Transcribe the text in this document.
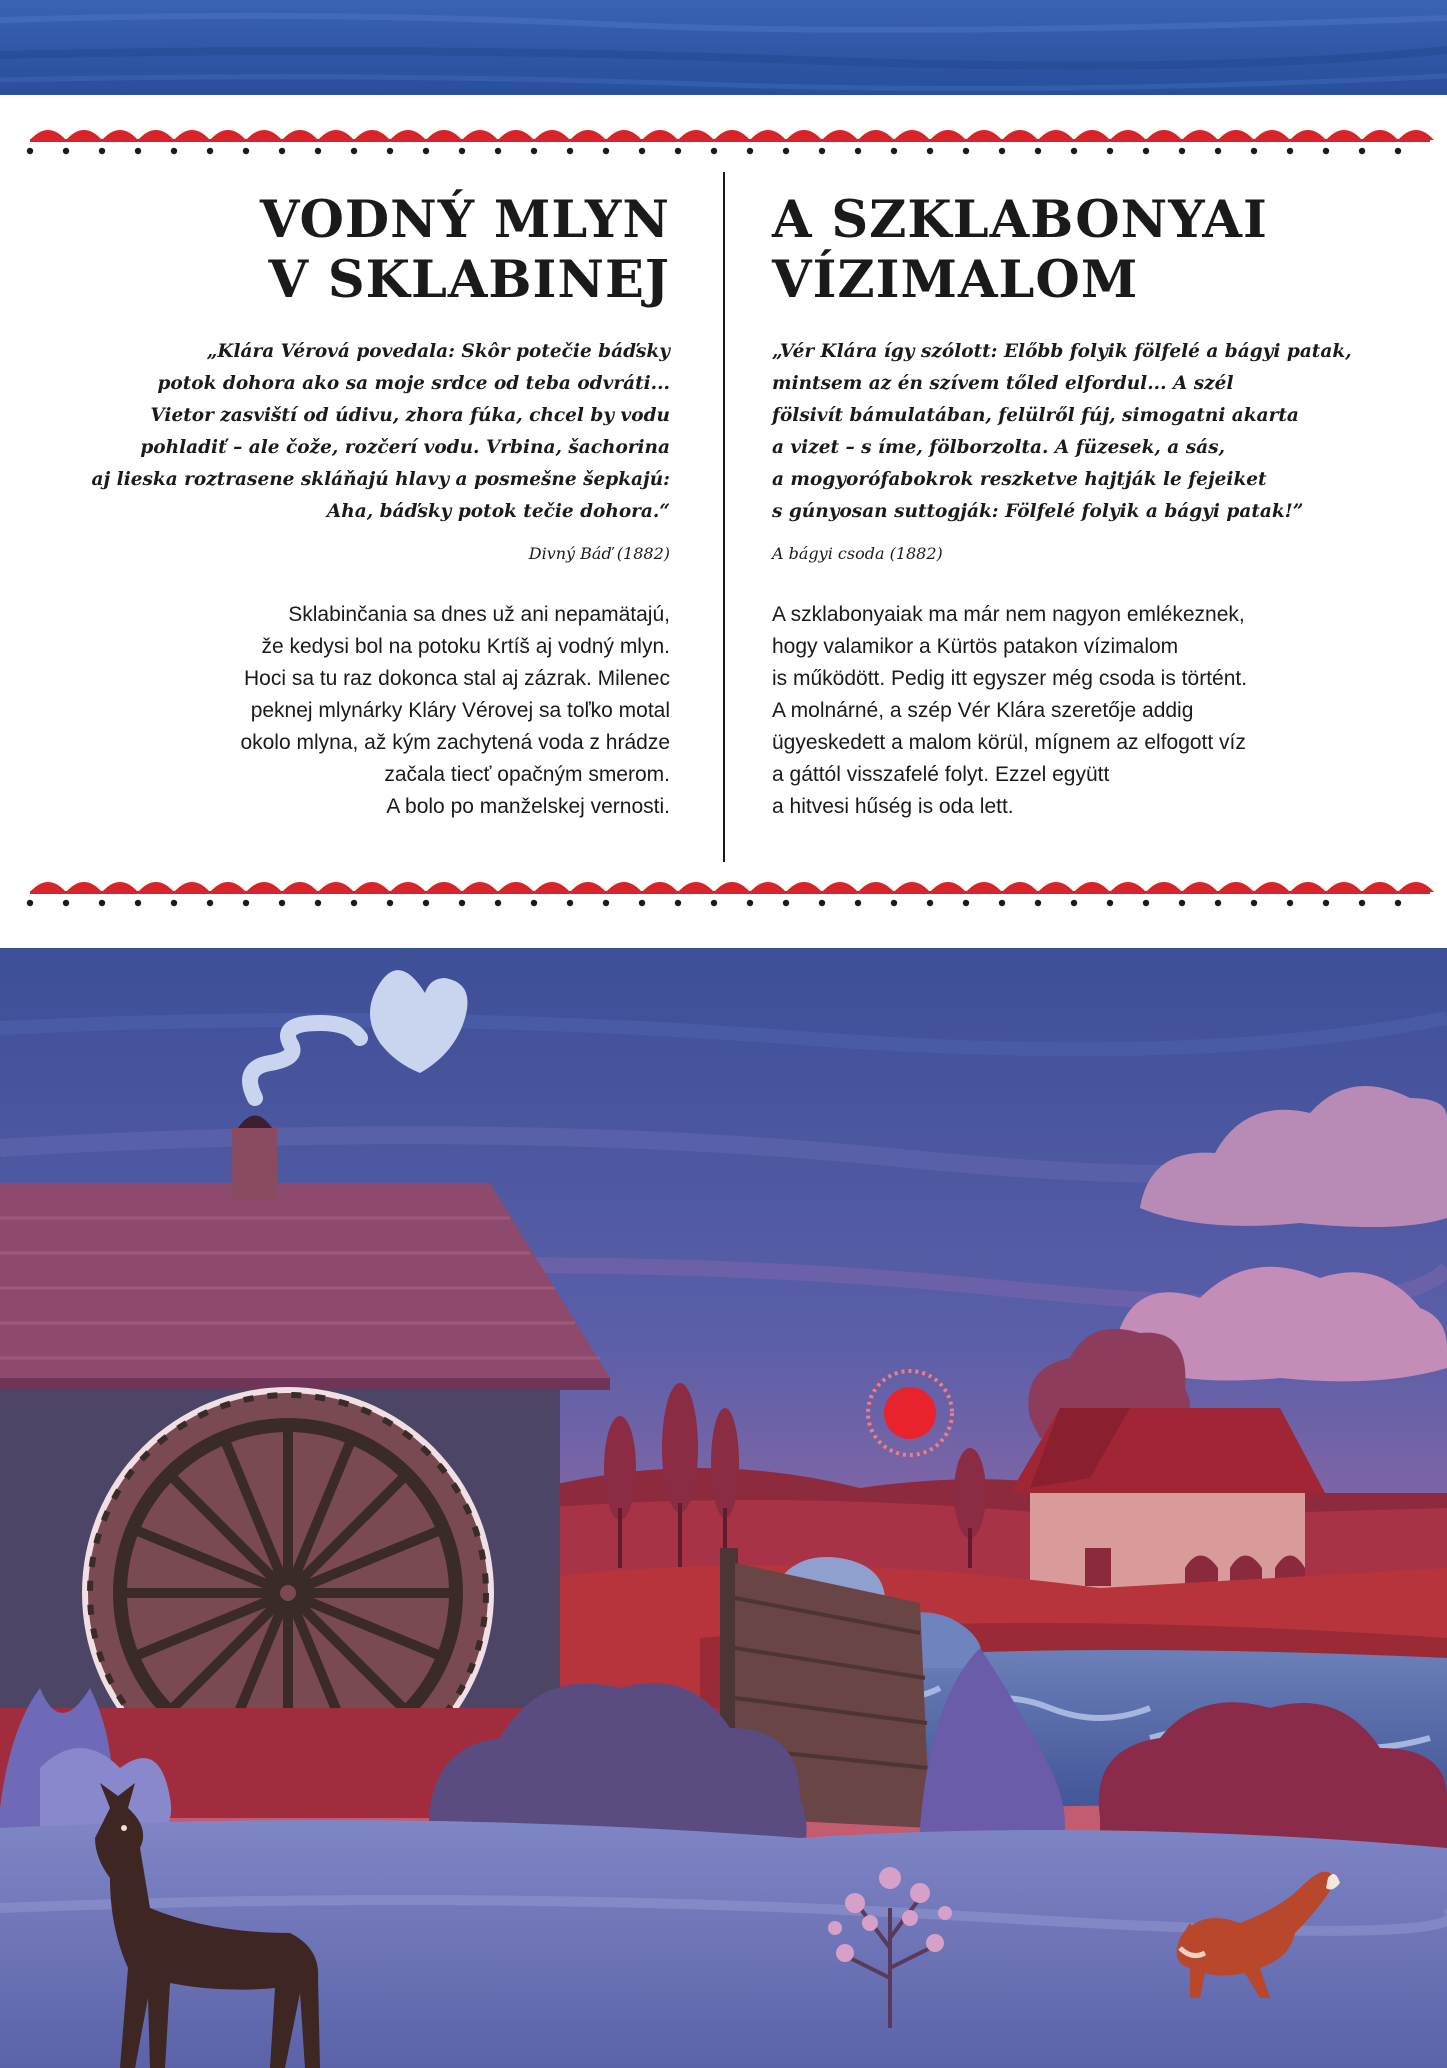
VODNÝ MLYN
V SKLABINEJ
„Klára Vérová povedala: Skôr potečie báďsky
potok dohora ako sa moje srdce od teba odvráti...
Vietor zasviští od údivu, zhora fúka, chcel by vodu
pohladiť – ale čože, rozčerí vodu. Vrbina, šachorina
aj lieska roztrasene skláňajú hlavy a posmešne šepkajú:
Aha, báďsky potok tečie dohora.“
Divný Báď (1882)
Sklabinčania sa dnes už ani nepamätajú,
že kedysi bol na potoku Krtíš aj vodný mlyn.
Hoci sa tu raz dokonca stal aj zázrak. Milenec
peknej mlynárky Kláry Vérovej sa toľko motal
okolo mlyna, až kým zachytená voda z hrádze
začala tiecť opačným smerom.
A bolo po manželskej vernosti.
A SZKLABONYAI
VÍZIMALOM
„Vér Klára így szólott: Előbb folyik fölfelé a bágyi patak,
mintsem az én szívem tőled elfordul... A szél
fölsivít bámulatában, felülről fúj, simogatni akarta
a vizet – s íme, fölborzolta. A füzesek, a sás,
a mogyorófabokrok reszketve hajtják le fejeiket
s gúnyosan suttogják: Fölfelé folyik a bágyi patak!”
A bágyi csoda (1882)
A szklabonyaiak ma már nem nagyon emlékeznek,
hogy valamikor a Kürtös patakon vízimalom
is működött. Pedig itt egyszer még csoda is történt.
A molnárné, a szép Vér Klára szeretője addig
ügyeskedett a malom körül, mígnem az elfogott víz
a gáttól visszafelé folyt. Ezzel együtt
a hitvesi hűség is oda lett.
